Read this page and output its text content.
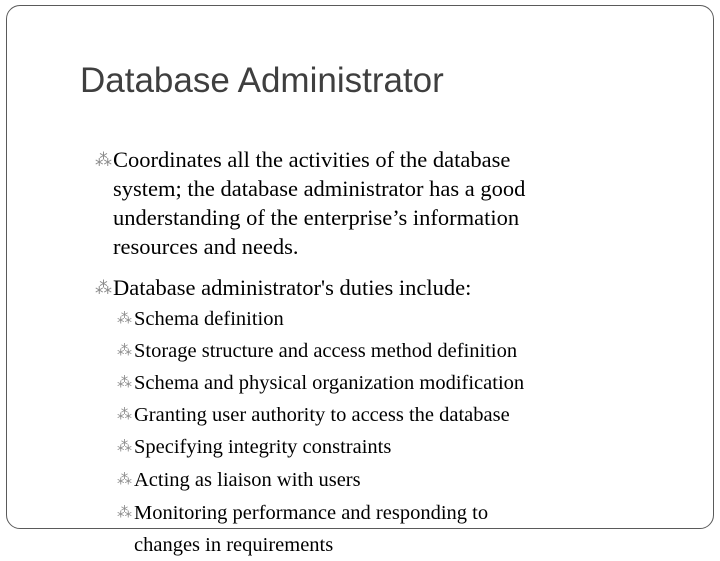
Database Administrator
⁂ Coordinates all the activities of the database
system; the database administrator has a good
understanding of the enterprise’s information
resources and needs.
⁂ Database administrator's duties include:
⁂ Schema definition
⁂ Storage structure and access method definition
⁂ Schema and physical organization modification
⁂ Granting user authority to access the database
⁂ Specifying integrity constraints
⁂ Acting as liaison with users
⁂ Monitoring performance and responding to
changes in requirements
